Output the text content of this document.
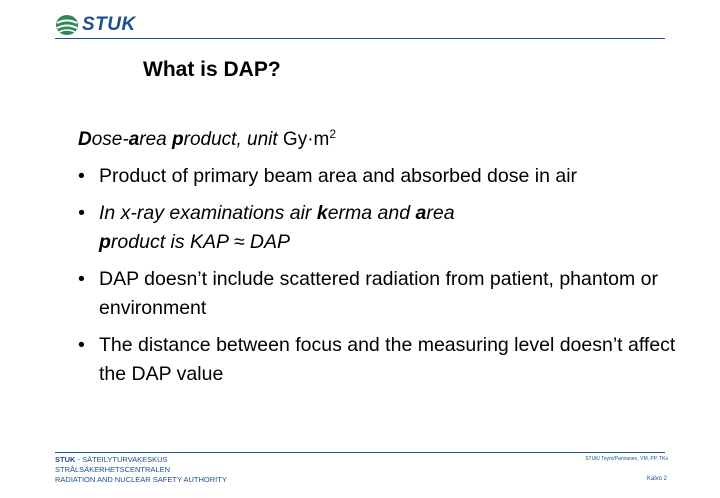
STUK
What is DAP?
Dose-area product, unit $Gy\cdot m^2$
• Product of primary beam area and absorbed dose in air
• In x-ray examinations air kerma and area
product is KAP ≈ DAP
• DAP doesn’t include scattered radiation from patient, phantom or environment
• The distance between focus and the measuring level doesn’t affect the DAP value
STUK - SÄTEILYTURVAKESKUS
STRÅLSÄKERHETSCENTRALEN
RADIATION AND NUCLEAR SAFETY AUTHORITY
STUK/ Toyro/Parvianen, VM, PP, TKs
Kalvo 2
